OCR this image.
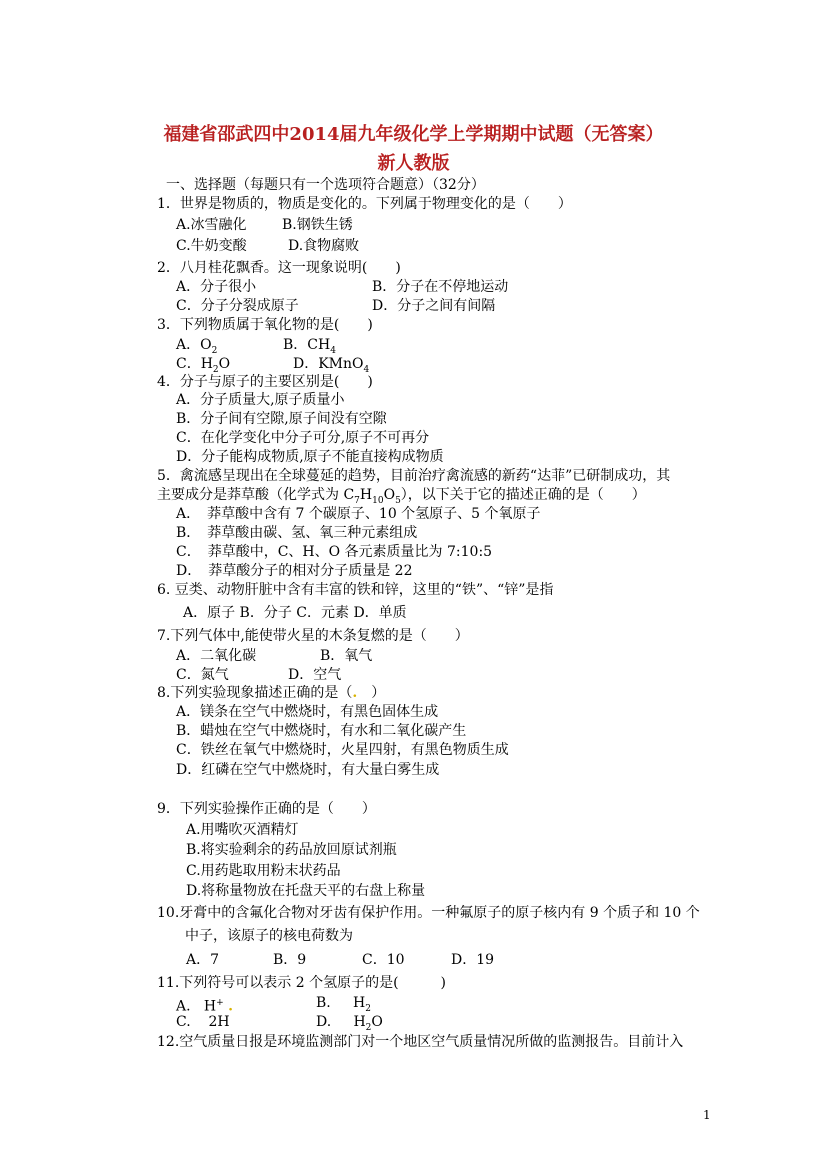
福建省邵武四中2014届九年级化学上学期期中试题（无答案）
新人教版
一、选择题（每题只有一个选项符合题意）（32分）
1．世界是物质的，物质是变化的。下列属于物理变化的是（　　）
A.冰雪融化	B.钢铁生锈
C.牛奶变酸	D.食物腐败
2．八月桂花飘香。这一现象说明(　　)
A．分子很小	B．分子在不停地运动
C．分子分裂成原子	D．分子之间有间隔
3．下列物质属于氧化物的是(　　)
A．$O_2$	B．$CH_4$
C．$H_2O$	D．KMnO$_4$
4．分子与原子的主要区别是(　　)
A．分子质量大,原子质量小
B．分子间有空隙,原子间没有空隙
C．在化学变化中分子可分,原子不可再分
D．分子能构成物质,原子不能直接构成物质
5．禽流感呈现出在全球蔓延的趋势，目前治疗禽流感的新药“达菲”已研制成功，其
主要成分是莽草酸（化学式为 $C_7H_{10}O_5$），以下关于它的描述正确的是（　　）
A．　莽草酸中含有 7 个碳原子、10 个氢原子、5 个氧原子
B．　莽草酸由碳、氢、氧三种元素组成
C．　莽草酸中，C、H、O 各元素质量比为 7:10:5
D．　莽草酸分子的相对分子质量是 22
6. 豆类、动物肝脏中含有丰富的铁和锌，这里的“铁”、“锌”是指
A．原子 B．分子 C．元素 D．单质
7.下列气体中,能使带火星的木条复燃的是（　　）
A．二氧化碳	B．氧气
C．氮气	D．空气
8.下列实验现象描述正确的是（.　）
A．镁条在空气中燃烧时，有黑色固体生成
B．蜡烛在空气中燃烧时，有水和二氧化碳产生
C．铁丝在氧气中燃烧时，火星四射，有黑色物质生成
D．红磷在空气中燃烧时，有大量白雾生成
9．下列实验操作正确的是（　　）
A.用嘴吹灭酒精灯
B.将实验剩余的药品放回原试剂瓶
C.用药匙取用粉末状药品
D.将称量物放在托盘天平的右盘上称量
10.牙膏中的含氟化合物对牙齿有保护作用。一种氟原子的原子核内有 9 个质子和 10 个
中子，该原子的核电荷数为
A．7	B．9	C．10	D．19
11.下列符号可以表示 2 个氢原子的是(　　　)
A. H+ .	B. $H_2$
C. 2H	D. $H_2O$
12.空气质量日报是环境监测部门对一个地区空气质量情况所做的监测报告。目前计入
1
